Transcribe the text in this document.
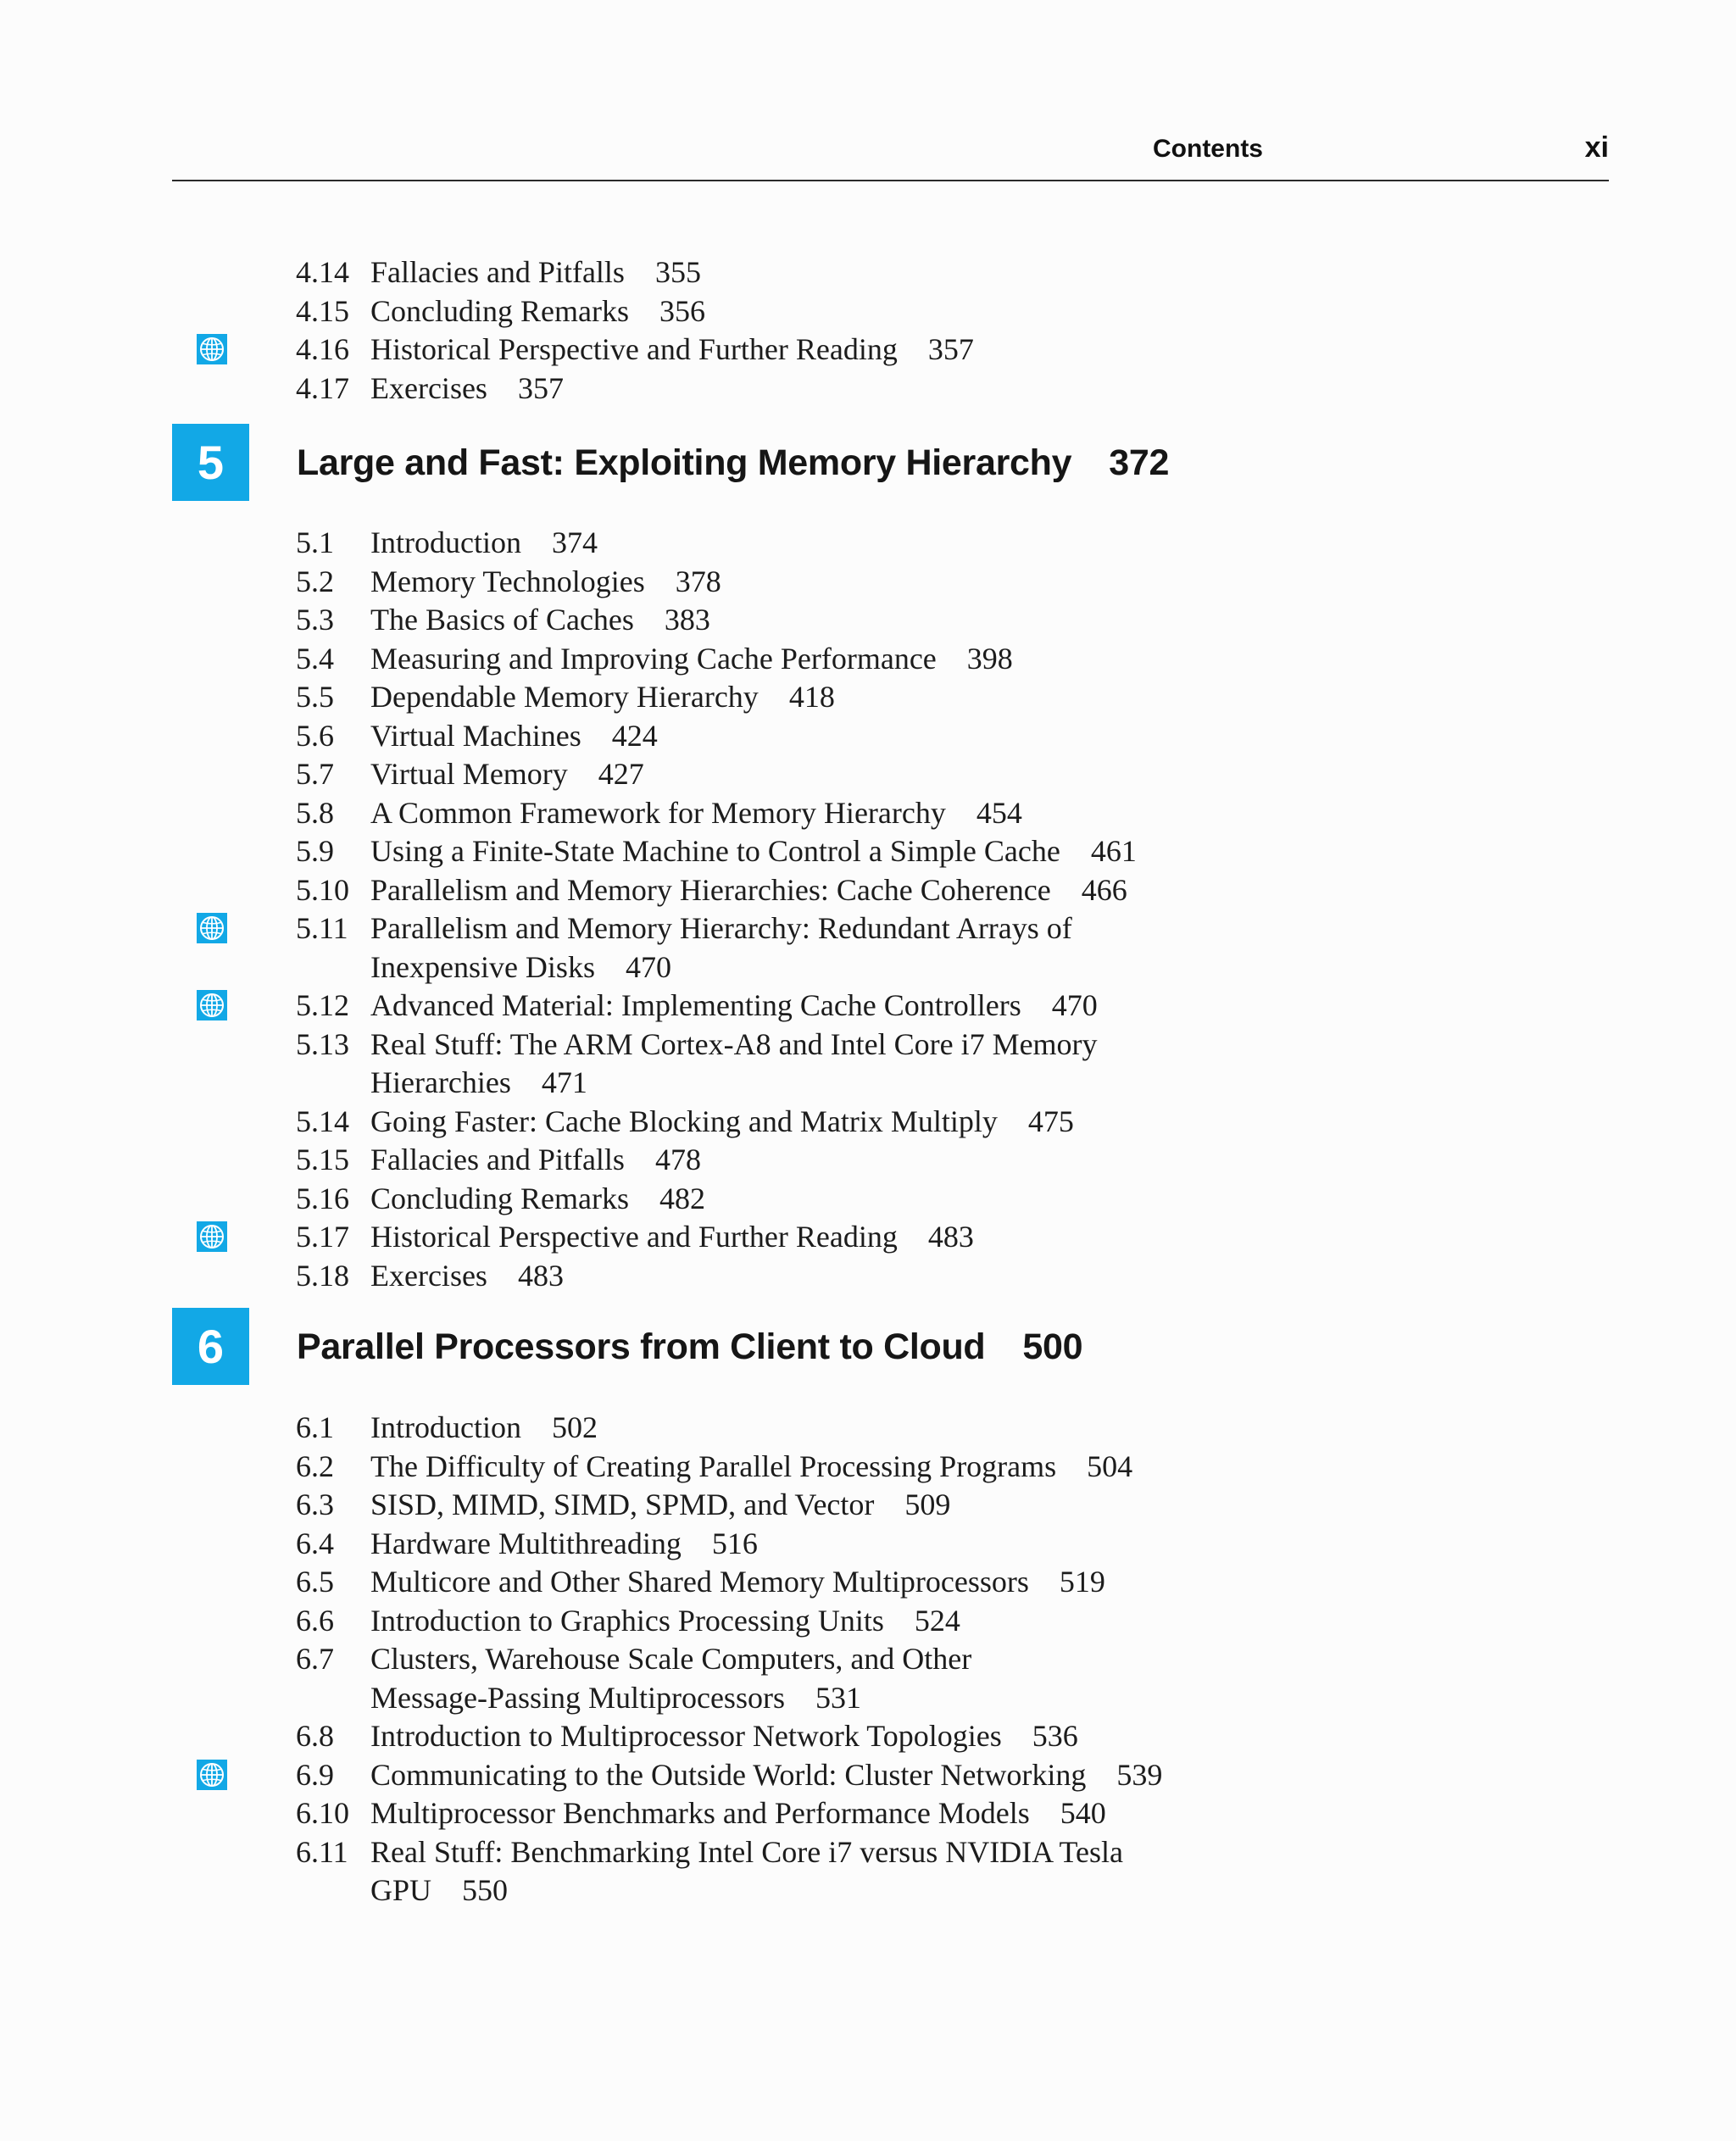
Contents	xi
4.14 Fallacies and Pitfalls 355
4.15 Concluding Remarks 356
4.16 Historical Perspective and Further Reading 357
4.17 Exercises 357
5	Large and Fast: Exploiting Memory Hierarchy 372
5.1 Introduction 374
5.2 Memory Technologies 378
5.3 The Basics of Caches 383
5.4 Measuring and Improving Cache Performance 398
5.5 Dependable Memory Hierarchy 418
5.6 Virtual Machines 424
5.7 Virtual Memory 427
5.8 A Common Framework for Memory Hierarchy 454
5.9 Using a Finite-State Machine to Control a Simple Cache 461
5.10 Parallelism and Memory Hierarchies: Cache Coherence 466
5.11 Parallelism and Memory Hierarchy: Redundant Arrays of
Inexpensive Disks 470
5.12 Advanced Material: Implementing Cache Controllers 470
5.13 Real Stuff: The ARM Cortex-A8 and Intel Core i7 Memory
Hierarchies 471
5.14 Going Faster: Cache Blocking and Matrix Multiply 475
5.15 Fallacies and Pitfalls 478
5.16 Concluding Remarks 482
5.17 Historical Perspective and Further Reading 483
5.18 Exercises 483
6	Parallel Processors from Client to Cloud 500
6.1 Introduction 502
6.2 The Difficulty of Creating Parallel Processing Programs 504
6.3 SISD, MIMD, SIMD, SPMD, and Vector 509
6.4 Hardware Multithreading 516
6.5 Multicore and Other Shared Memory Multiprocessors 519
6.6 Introduction to Graphics Processing Units 524
6.7 Clusters, Warehouse Scale Computers, and Other
Message-Passing Multiprocessors 531
6.8 Introduction to Multiprocessor Network Topologies 536
6.9 Communicating to the Outside World: Cluster Networking 539
6.10 Multiprocessor Benchmarks and Performance Models 540
6.11 Real Stuff: Benchmarking Intel Core i7 versus NVIDIA Tesla
GPU 550
